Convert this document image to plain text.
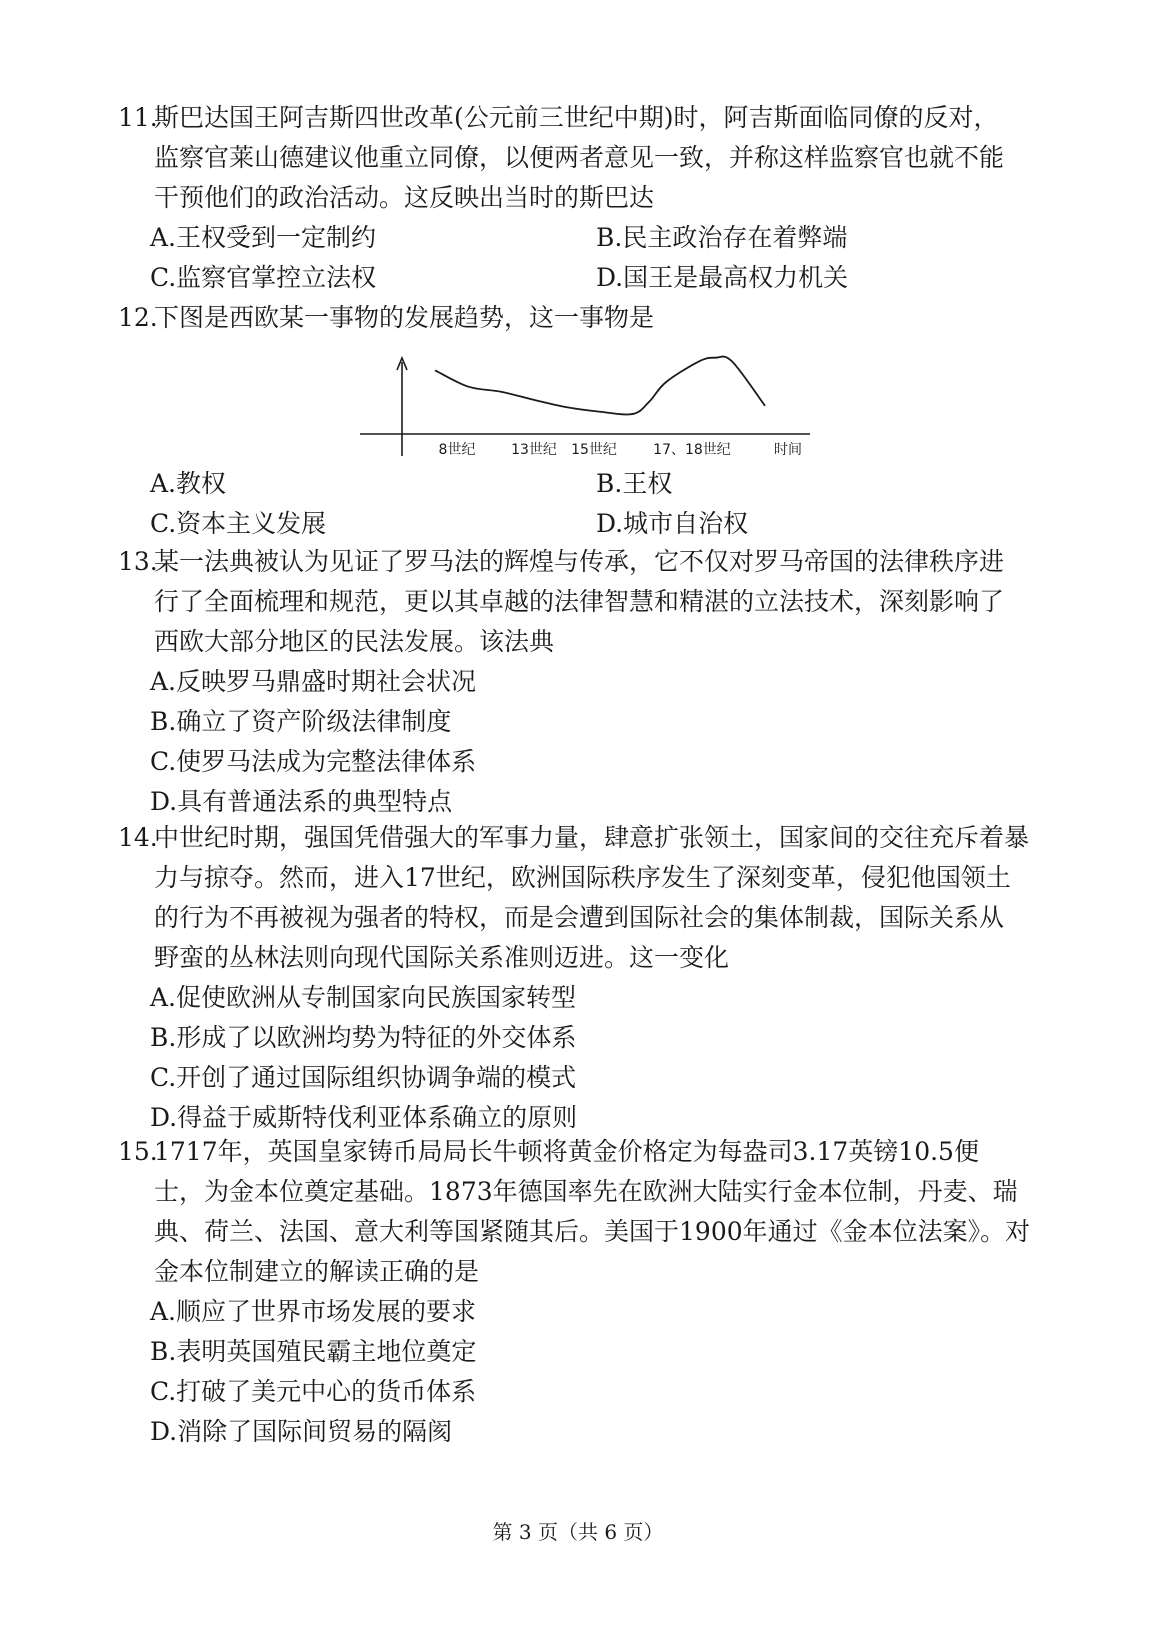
11.
斯巴达国王阿吉斯四世改革(公元前三世纪中期)时，阿吉斯面临同僚的反对，
监察官莱山德建议他重立同僚，以便两者意见一致，并称这样监察官也就不能
干预他们的政治活动。这反映出当时的斯巴达
A.王权受到一定制约	B.民主政治存在着弊端
C.监察官掌控立法权	D.国王是最高权力机关
12.
下图是西欧某一事物的发展趋势，这一事物是
8世纪	13世纪 15世纪	17、18世纪	时间
A.教权	B.王权
C.资本主义发展	D.城市自治权
13.
某一法典被认为见证了罗马法的辉煌与传承，它不仅对罗马帝国的法律秩序进
行了全面梳理和规范，更以其卓越的法律智慧和精湛的立法技术，深刻影响了
西欧大部分地区的民法发展。该法典
A.反映罗马鼎盛时期社会状况
B.确立了资产阶级法律制度
C.使罗马法成为完整法律体系
D.具有普通法系的典型特点
14.
中世纪时期，强国凭借强大的军事力量，肆意扩张领土，国家间的交往充斥着暴
力与掠夺。然而，进入17世纪，欧洲国际秩序发生了深刻变革，侵犯他国领土
的行为不再被视为强者的特权，而是会遭到国际社会的集体制裁，国际关系从
野蛮的丛林法则向现代国际关系准则迈进。这一变化
A.促使欧洲从专制国家向民族国家转型
B.形成了以欧洲均势为特征的外交体系
C.开创了通过国际组织协调争端的模式
D.得益于威斯特伐利亚体系确立的原则
15.
1717年，英国皇家铸币局局长牛顿将黄金价格定为每盎司3.17英镑10.5便
士，为金本位奠定基础。1873年德国率先在欧洲大陆实行金本位制，丹麦、瑞
典、荷兰、法国、意大利等国紧随其后。美国于1900年通过《金本位法案》。对
金本位制建立的解读正确的是
A.顺应了世界市场发展的要求
B.表明英国殖民霸主地位奠定
C.打破了美元中心的货币体系
D.消除了国际间贸易的隔阂
第 3 页（共 6 页）
